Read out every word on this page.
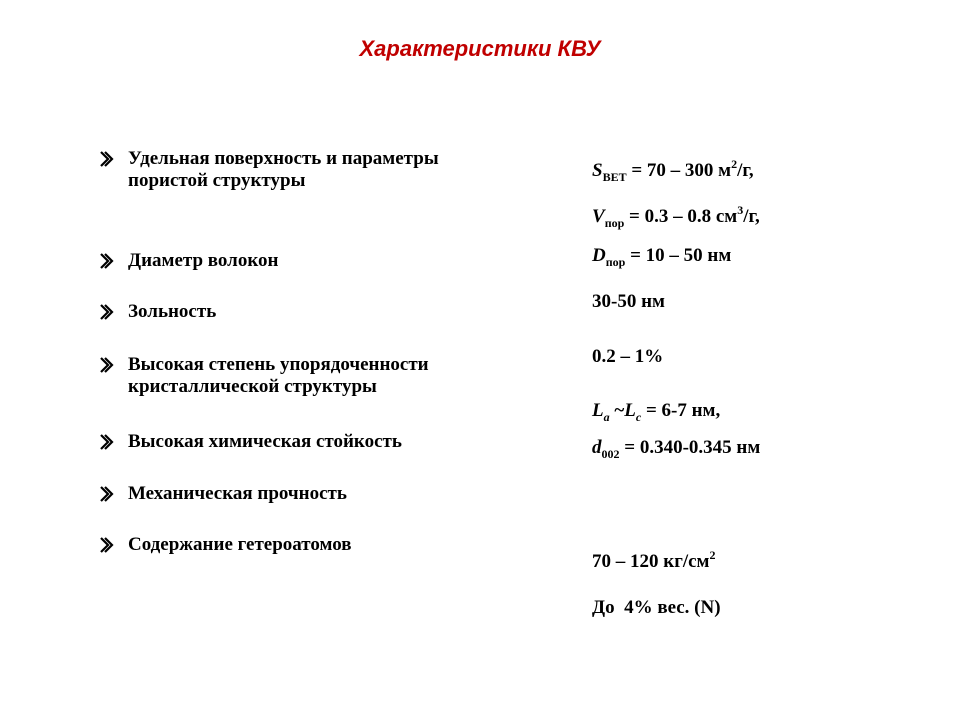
Характеристики КВУ
Удельная поверхность и параметры
пористой структуры
Диаметр волокон
Зольность
Высокая степень упорядоченности
кристаллической структуры
Высокая химическая стойкость
Механическая прочность
Содержание гетероатомов
$S_{ВЕТ} = 70 - 300$ $м^2/г$,
$V_{пор} = 0.3 - 0.8$ $см^3/г$,
$D_{пор} = 10 - 50$ нм
30-50 нм
0.2 – 1%
$L_a$ $\sim L_c = 6-7$ нм,
$d_{002} = 0.340-0.345$ нм
70 – 120 $кг/см^2$
До  4% вес. (N)
